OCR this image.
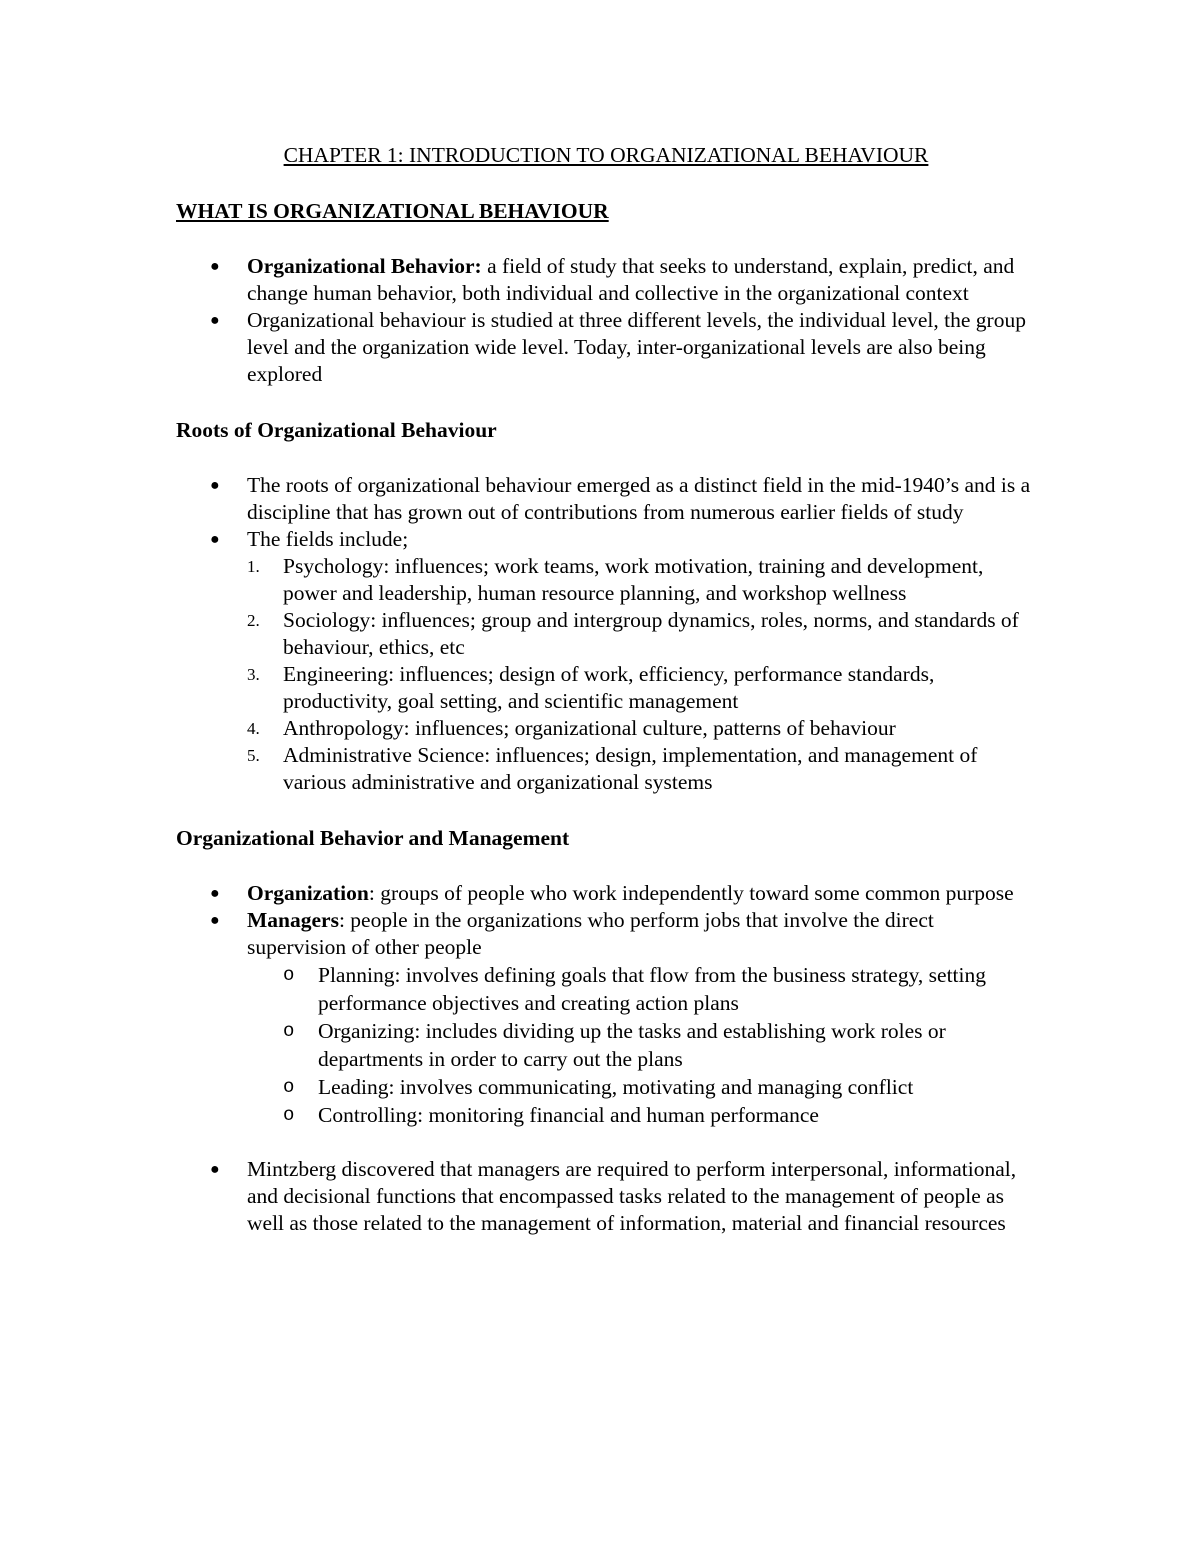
CHAPTER 1: INTRODUCTION TO ORGANIZATIONAL BEHAVIOUR
WHAT IS ORGANIZATIONAL BEHAVIOUR
● Organizational Behavior: a field of study that seeks to understand, explain, predict, and change human behavior, both individual and collective in the organizational context
● Organizational behaviour is studied at three different levels, the individual level, the group level and the organization wide level. Today, inter-organizational levels are also being explored
Roots of Organizational Behaviour
● The roots of organizational behaviour emerged as a distinct field in the mid-1940’s and is a discipline that has grown out of contributions from numerous earlier fields of study
● The fields include;
1. Psychology: influences; work teams, work motivation, training and development, power and leadership, human resource planning, and workshop wellness
2. Sociology: influences; group and intergroup dynamics, roles, norms, and standards of behaviour, ethics, etc
3. Engineering: influences; design of work, efficiency, performance standards, productivity, goal setting, and scientific management
4. Anthropology: influences; organizational culture, patterns of behaviour
5. Administrative Science: influences; design, implementation, and management of various administrative and organizational systems
Organizational Behavior and Management
● Organization: groups of people who work independently toward some common purpose
● Managers: people in the organizations who perform jobs that involve the direct supervision of other people
o Planning: involves defining goals that flow from the business strategy, setting performance objectives and creating action plans
o Organizing: includes dividing up the tasks and establishing work roles or departments in order to carry out the plans
o Leading: involves communicating, motivating and managing conflict
o Controlling: monitoring financial and human performance
● Mintzberg discovered that managers are required to perform interpersonal, informational, and decisional functions that encompassed tasks related to the management of people as well as those related to the management of information, material and financial resources
